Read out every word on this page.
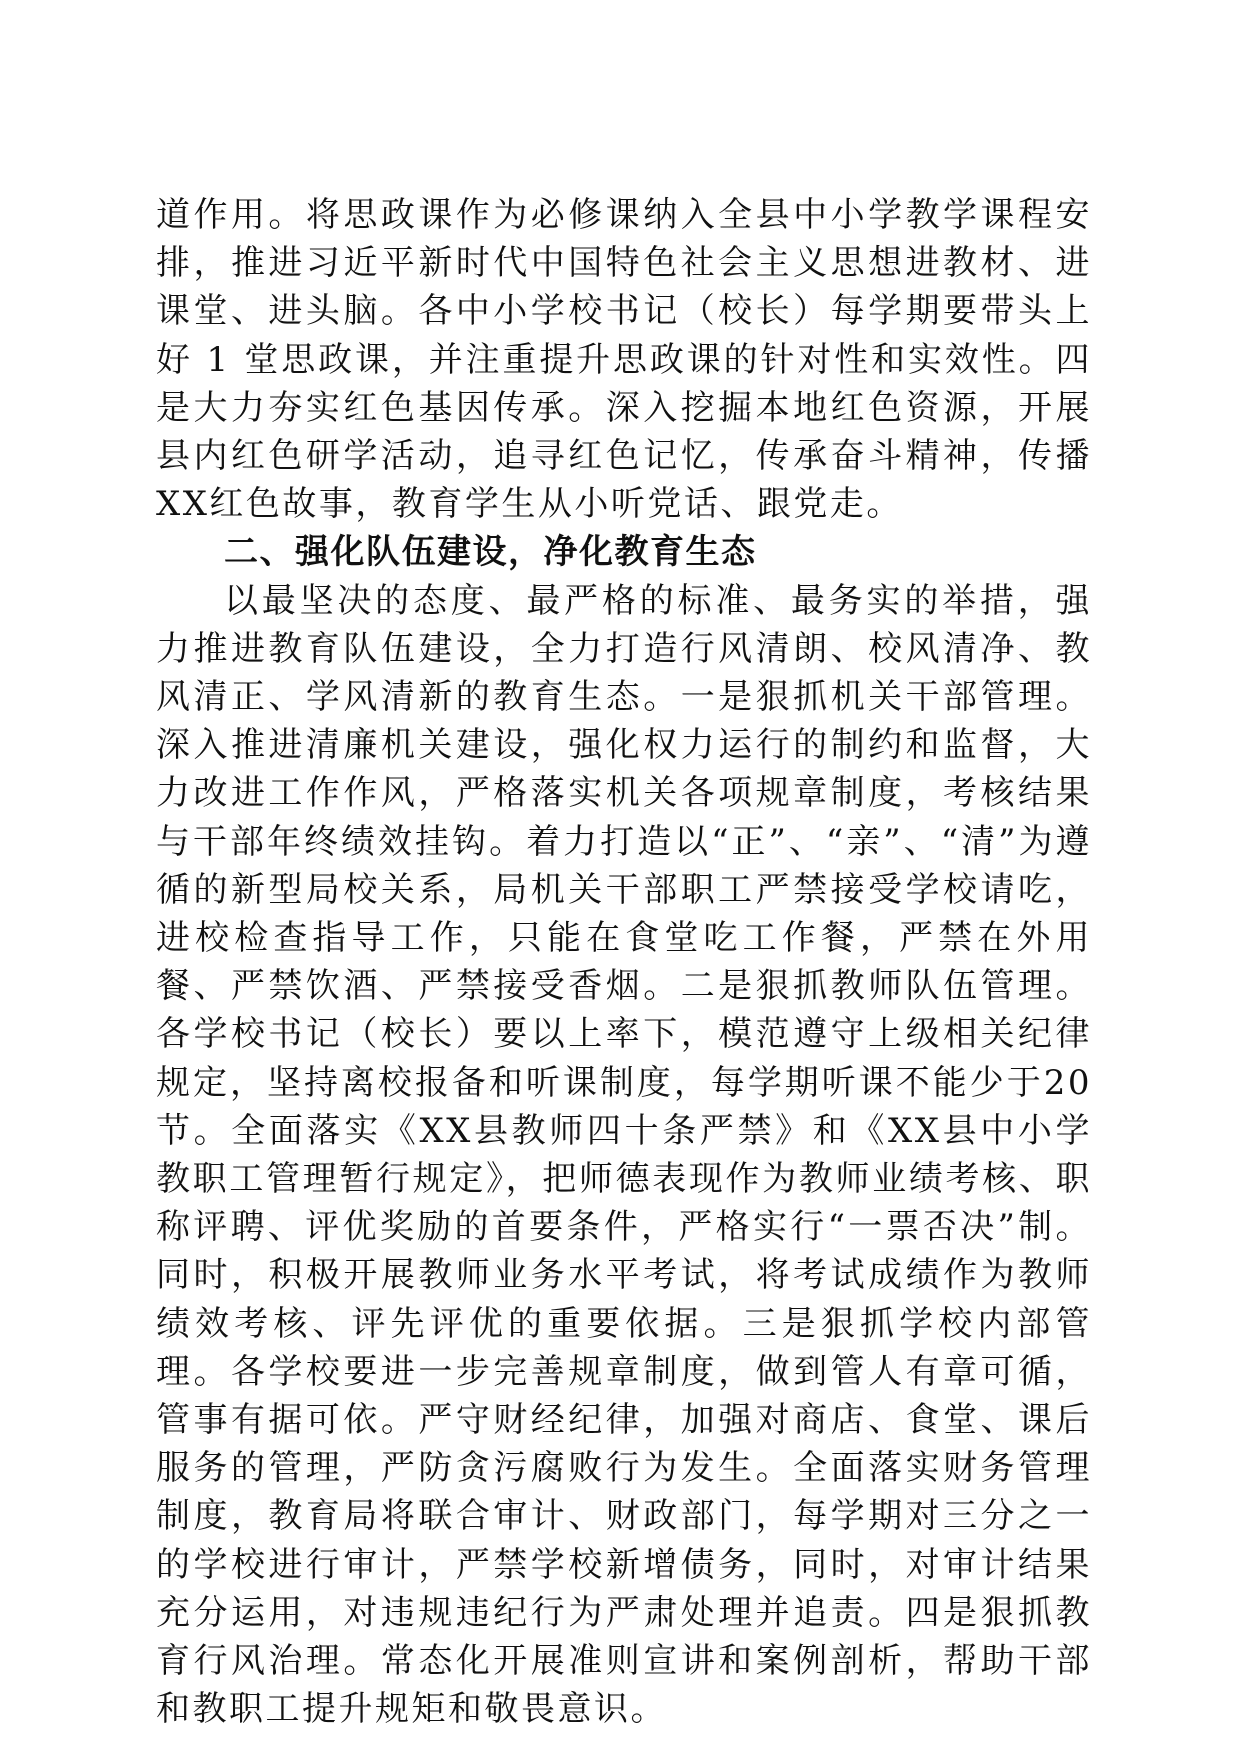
道作用。将思政课作为必修课纳入全县中小学教学课程安排，推进习近平新时代中国特色社会主义思想进教材、进课堂、进头脑。各中小学校书记（校长）每学期要带头上好 1 堂思政课，并注重提升思政课的针对性和实效性。四是大力夯实红色基因传承。深入挖掘本地红色资源，开展县内红色研学活动，追寻红色记忆，传承奋斗精神，传播XX红色故事，教育学生从小听党话、跟党走。

二、强化队伍建设，净化教育生态

以最坚决的态度、最严格的标准、最务实的举措，强力推进教育队伍建设，全力打造行风清朗、校风清净、教风清正、学风清新的教育生态。一是狠抓机关干部管理。深入推进清廉机关建设，强化权力运行的制约和监督，大力改进工作作风，严格落实机关各项规章制度，考核结果与干部年终绩效挂钩。着力打造以“正”、“亲”、“清”为遵循的新型局校关系，局机关干部职工严禁接受学校请吃，进校检查指导工作，只能在食堂吃工作餐，严禁在外用餐、严禁饮酒、严禁接受香烟。二是狠抓教师队伍管理。各学校书记（校长）要以上率下，模范遵守上级相关纪律规定，坚持离校报备和听课制度，每学期听课不能少于20节。全面落实《XX县教师四十条严禁》和《XX县中小学教职工管理暂行规定》，把师德表现作为教师业绩考核、职称评聘、评优奖励的首要条件，严格实行“一票否决”制。同时，积极开展教师业务水平考试，将考试成绩作为教师绩效考核、评先评优的重要依据。三是狠抓学校内部管理。各学校要进一步完善规章制度，做到管人有章可循，管事有据可依。严守财经纪律，加强对商店、食堂、课后服务的管理，严防贪污腐败行为发生。全面落实财务管理制度，教育局将联合审计、财政部门，每学期对三分之一的学校进行审计，严禁学校新增债务，同时，对审计结果充分运用，对违规违纪行为严肃处理并追责。四是狠抓教育行风治理。常态化开展准则宣讲和案例剖析，帮助干部和教职工提升规矩和敬畏意识。
